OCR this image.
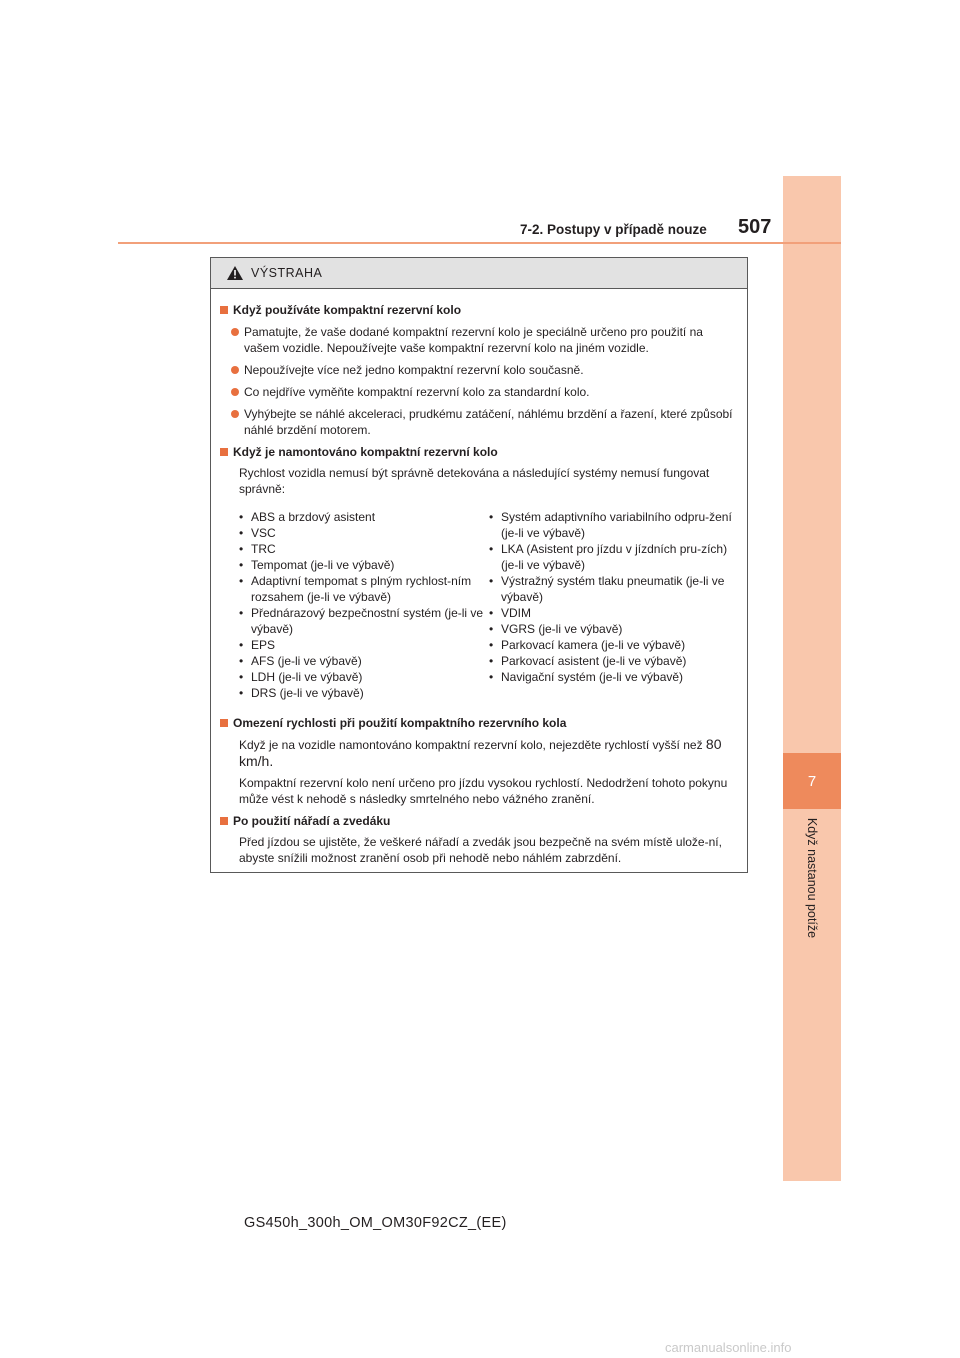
7
Když nastanou potíže
7-2. Postupy v případě nouze 507
VÝSTRAHA
Když používáte kompaktní rezervní kolo
Pamatujte, že vaše dodané kompaktní rezervní kolo je speciálně určeno pro použití na vašem vozidle. Nepoužívejte vaše kompaktní rezervní kolo na jiném vozidle.
Nepoužívejte více než jedno kompaktní rezervní kolo současně.
Co nejdříve vyměňte kompaktní rezervní kolo za standardní kolo.
Vyhýbejte se náhlé akceleraci, prudkému zatáčení, náhlému brzdění a řazení, které způsobí náhlé brzdění motorem.
Když je namontováno kompaktní rezervní kolo
Rychlost vozidla nemusí být správně detekována a následující systémy nemusí fungovat správně:
• ABS a brzdový asistent
• VSC
• TRC
• Tempomat (je-li ve výbavě)
• Adaptivní tempomat s plným rychlost-ním rozsahem (je-li ve výbavě)
• Přednárazový bezpečnostní systém (je-li ve výbavě)
• EPS
• AFS (je-li ve výbavě)
• LDH (je-li ve výbavě)
• DRS (je-li ve výbavě)
• Systém adaptivního variabilního odpru-žení (je-li ve výbavě)
• LKA (Asistent pro jízdu v jízdních pru-zích) (je-li ve výbavě)
• Výstražný systém tlaku pneumatik (je-li ve výbavě)
• VDIM
• VGRS (je-li ve výbavě)
• Parkovací kamera (je-li ve výbavě)
• Parkovací asistent (je-li ve výbavě)
• Navigační systém (je-li ve výbavě)
Omezení rychlosti při použití kompaktního rezervního kola
Když je na vozidle namontováno kompaktní rezervní kolo, nejezděte rychlostí vyšší než 80 km/h.
Kompaktní rezervní kolo není určeno pro jízdu vysokou rychlostí. Nedodržení tohoto pokynu může vést k nehodě s následky smrtelného nebo vážného zranění.
Po použití nářadí a zvedáku
Před jízdou se ujistěte, že veškeré nářadí a zvedák jsou bezpečně na svém místě ulože-ní, abyste snížili možnost zranění osob při nehodě nebo náhlém zabrzdění.
GS450h_300h_OM_OM30F92CZ_(EE)
carmanualsonline.info
